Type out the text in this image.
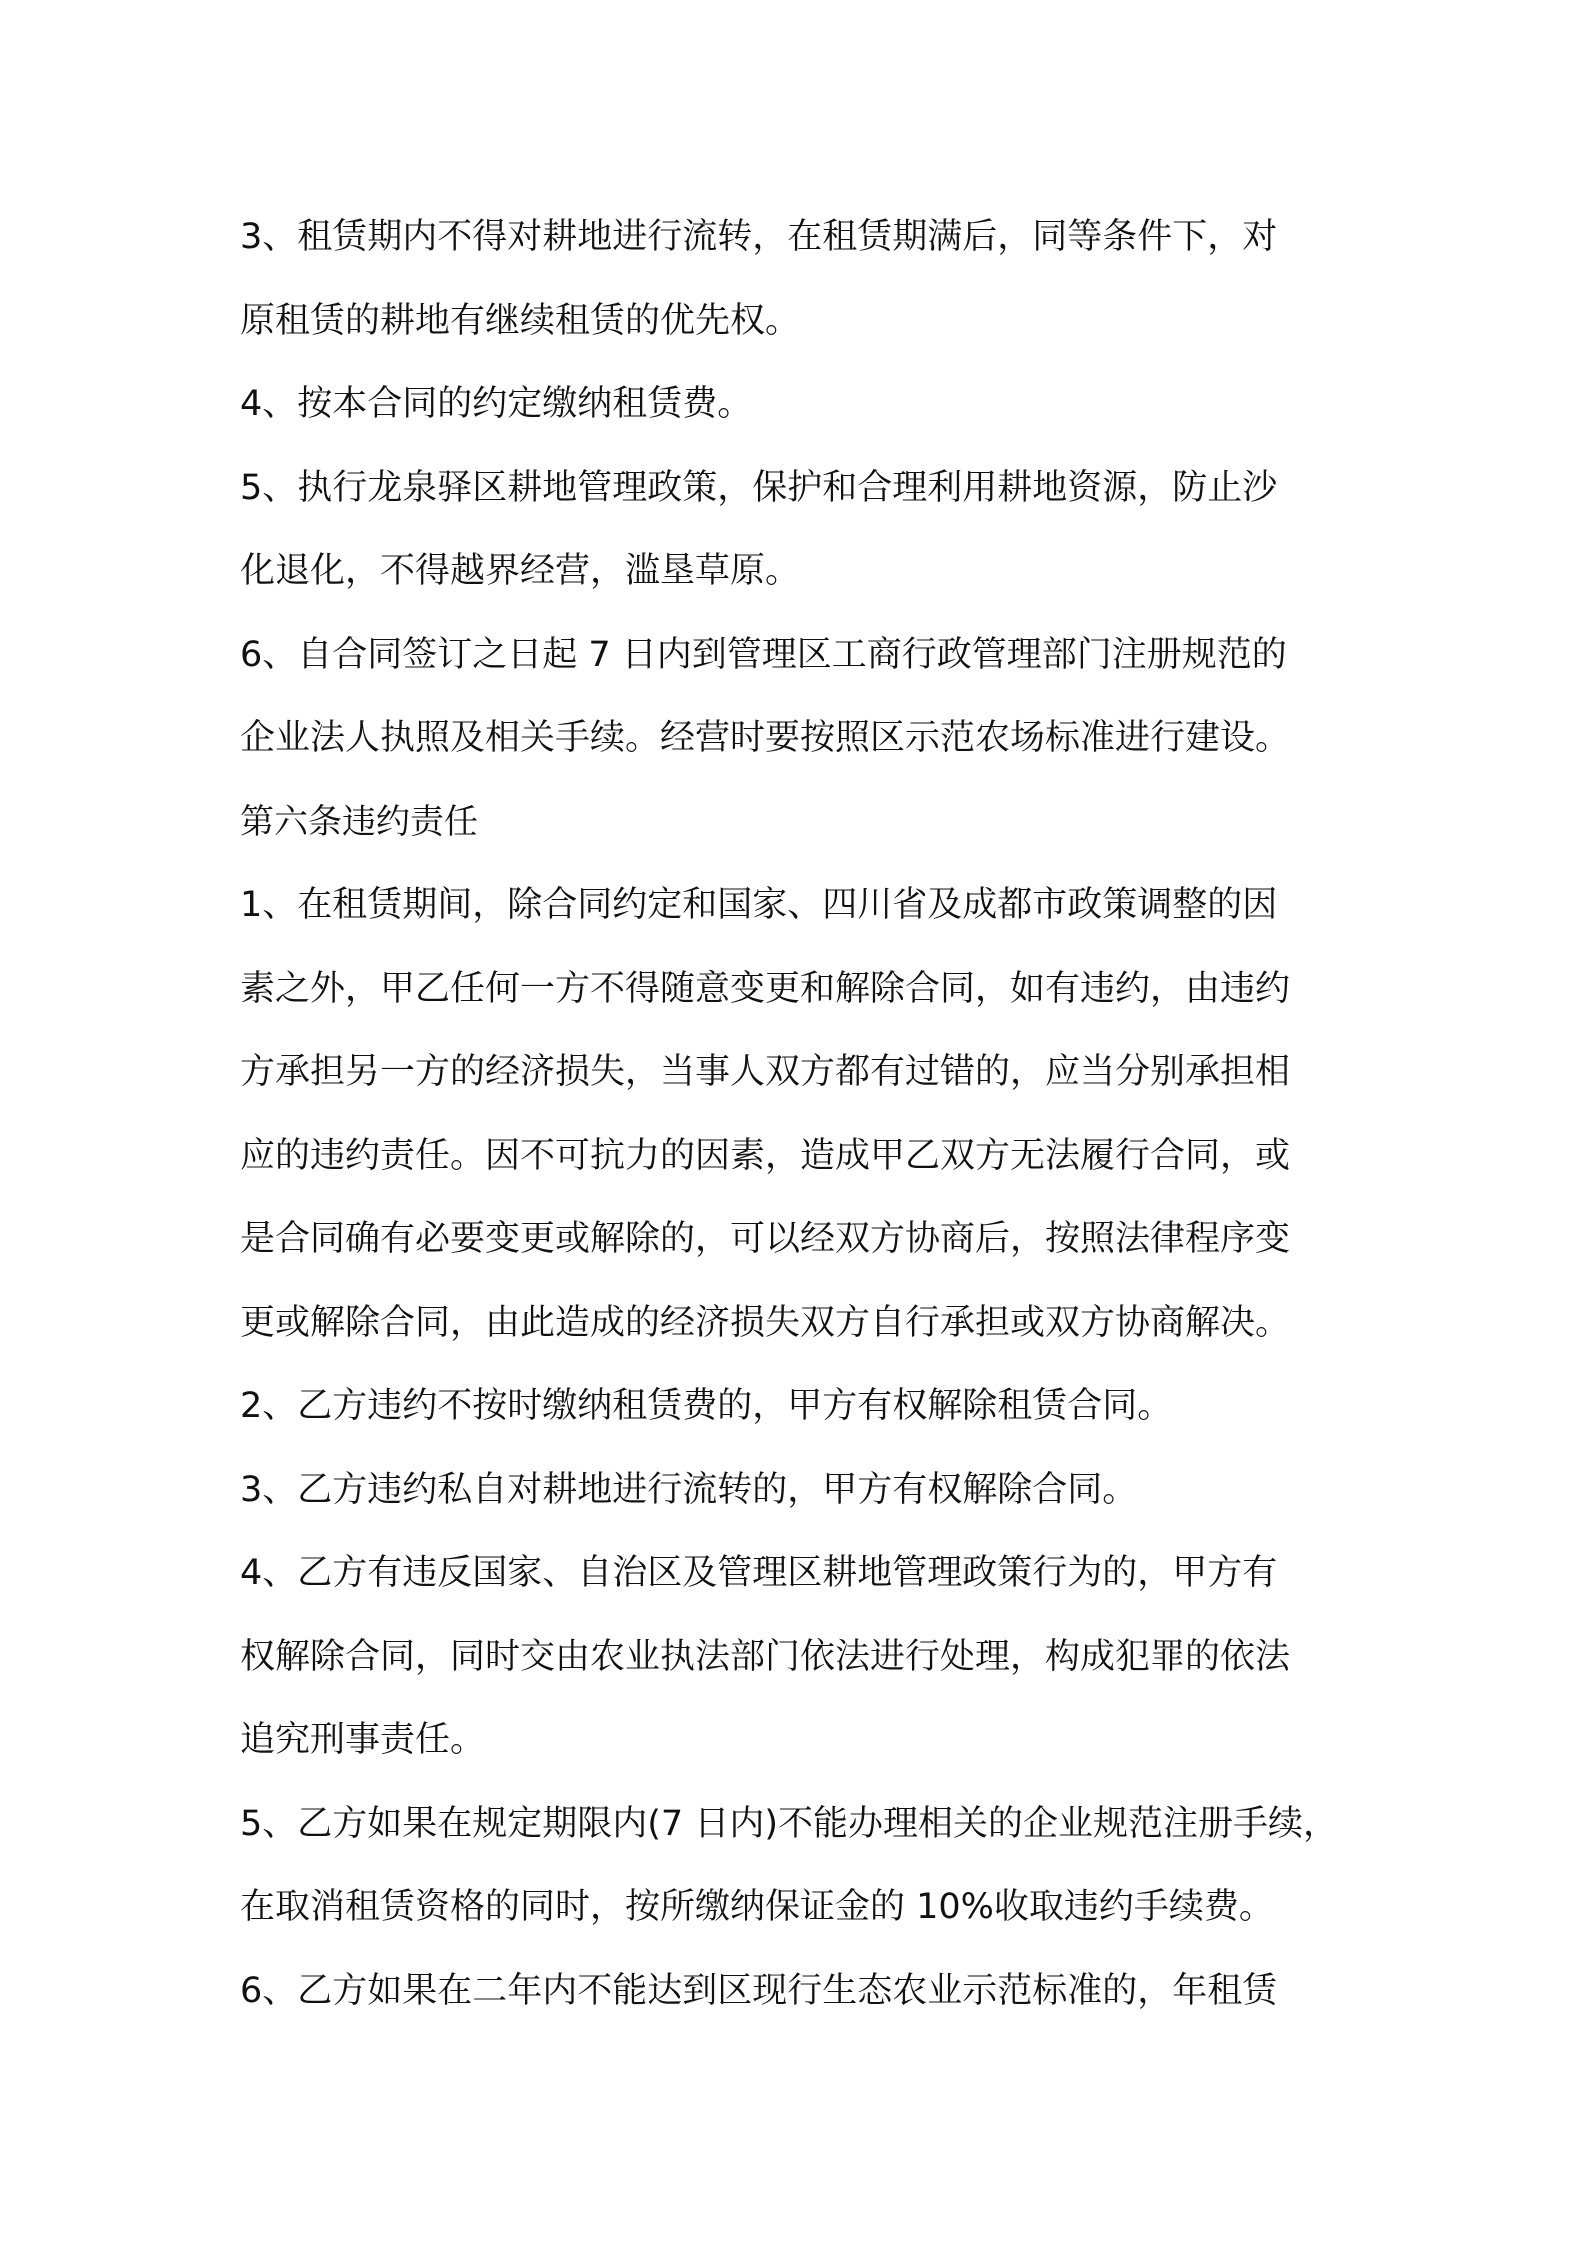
3、租赁期内不得对耕地进行流转，在租赁期满后，同等条件下，对

原租赁的耕地有继续租赁的优先权。

4、按本合同的约定缴纳租赁费。

5、执行龙泉驿区耕地管理政策，保护和合理利用耕地资源，防止沙

化退化，不得越界经营，滥垦草原。

6、自合同签订之日起 7 日内到管理区工商行政管理部门注册规范的

企业法人执照及相关手续。经营时要按照区示范农场标准进行建设。

第六条违约责任

1、在租赁期间，除合同约定和国家、四川省及成都市政策调整的因

素之外，甲乙任何一方不得随意变更和解除合同，如有违约，由违约

方承担另一方的经济损失，当事人双方都有过错的，应当分别承担相

应的违约责任。因不可抗力的因素，造成甲乙双方无法履行合同，或

是合同确有必要变更或解除的，可以经双方协商后，按照法律程序变

更或解除合同，由此造成的经济损失双方自行承担或双方协商解决。

2、乙方违约不按时缴纳租赁费的，甲方有权解除租赁合同。

3、乙方违约私自对耕地进行流转的，甲方有权解除合同。

4、乙方有违反国家、自治区及管理区耕地管理政策行为的，甲方有

权解除合同，同时交由农业执法部门依法进行处理，构成犯罪的依法

追究刑事责任。

5、乙方如果在规定期限内(7 日内)不能办理相关的企业规范注册手续，

在取消租赁资格的同时，按所缴纳保证金的 10%收取违约手续费。

6、乙方如果在二年内不能达到区现行生态农业示范标准的，年租赁
